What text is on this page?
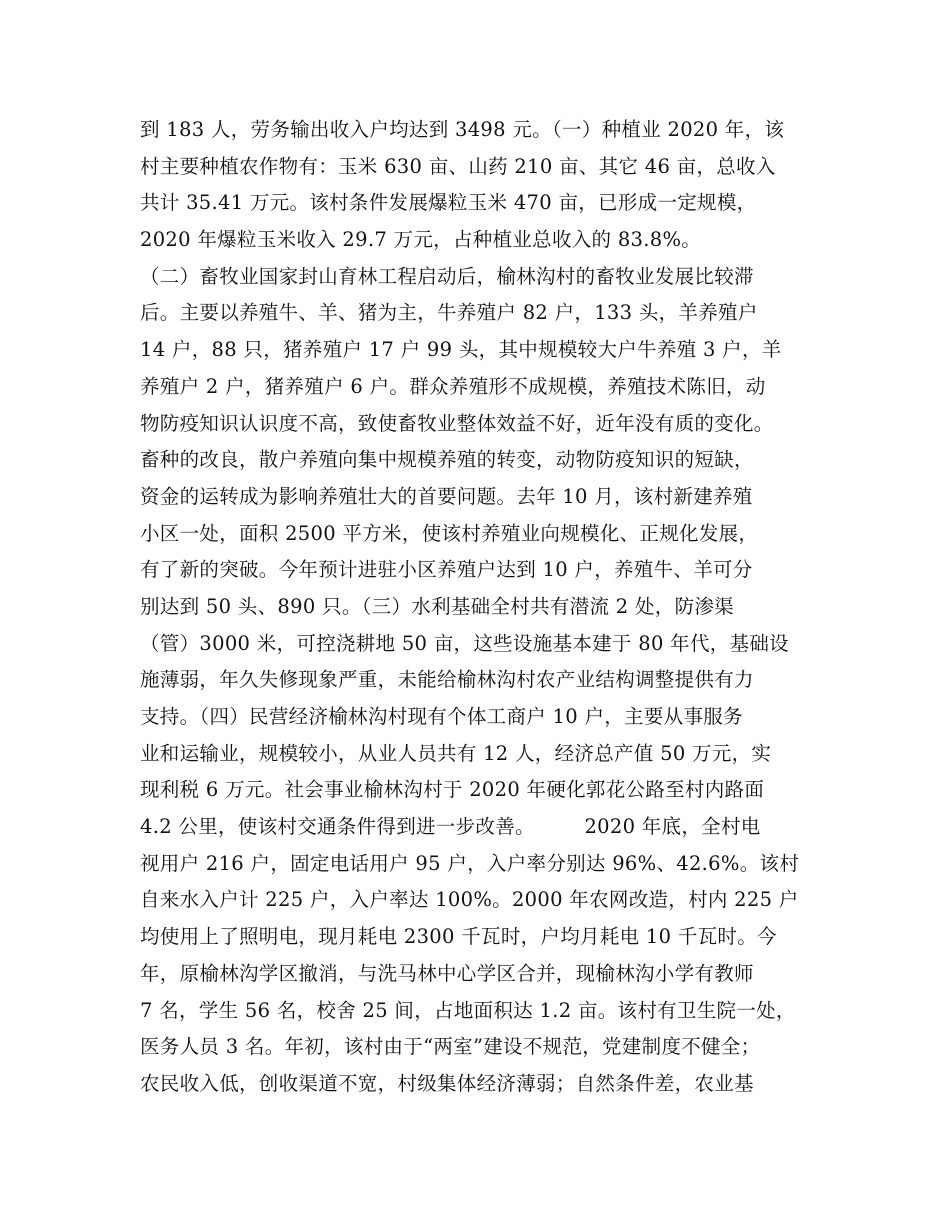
到 183 人，劳务输出收入户均达到 3498 元。（一）种植业 2020 年，该
村主要种植农作物有：玉米 630 亩、山药 210 亩、其它 46 亩，总收入
共计 35.41 万元。该村条件发展爆粒玉米 470 亩，已形成一定规模，
2020 年爆粒玉米收入 29.7 万元，占种植业总收入的 83.8%。
（二）畜牧业国家封山育林工程启动后，榆林沟村的畜牧业发展比较滞
后。主要以养殖牛、羊、猪为主，牛养殖户 82 户，133 头，羊养殖户
14 户，88 只，猪养殖户 17 户 99 头，其中规模较大户牛养殖 3 户，羊
养殖户 2 户，猪养殖户 6 户。群众养殖形不成规模，养殖技术陈旧，动
物防疫知识认识度不高，致使畜牧业整体效益不好，近年没有质的变化。
畜种的改良，散户养殖向集中规模养殖的转变，动物防疫知识的短缺，
资金的运转成为影响养殖壮大的首要问题。去年 10 月，该村新建养殖
小区一处，面积 2500 平方米，使该村养殖业向规模化、正规化发展，
有了新的突破。今年预计进驻小区养殖户达到 10 户，养殖牛、羊可分
别达到 50 头、890 只。（三）水利基础全村共有潜流 2 处，防渗渠
（管）3000 米，可控浇耕地 50 亩，这些设施基本建于 80 年代，基础设
施薄弱，年久失修现象严重，未能给榆林沟村农产业结构调整提供有力
支持。（四）民营经济榆林沟村现有个体工商户 10 户，主要从事服务
业和运输业，规模较小，从业人员共有 12 人，经济总产值 50 万元，实
现利税 6 万元。社会事业榆林沟村于 2020 年硬化郭花公路至村内路面
4.2 公里，使该村交通条件得到进一步改善。　　　2020 年底，全村电
视用户 216 户，固定电话用户 95 户，入户率分别达 96%、42.6%。该村
自来水入户计 225 户，入户率达 100%。2000 年农网改造，村内 225 户
均使用上了照明电，现月耗电 2300 千瓦时，户均月耗电 10 千瓦时。今
年，原榆林沟学区撤消，与洗马林中心学区合并，现榆林沟小学有教师
7 名，学生 56 名，校舍 25 间，占地面积达 1.2 亩。该村有卫生院一处，
医务人员 3 名。年初，该村由于“两室”建设不规范，党建制度不健全；
农民收入低，创收渠道不宽，村级集体经济薄弱；自然条件差，农业基
